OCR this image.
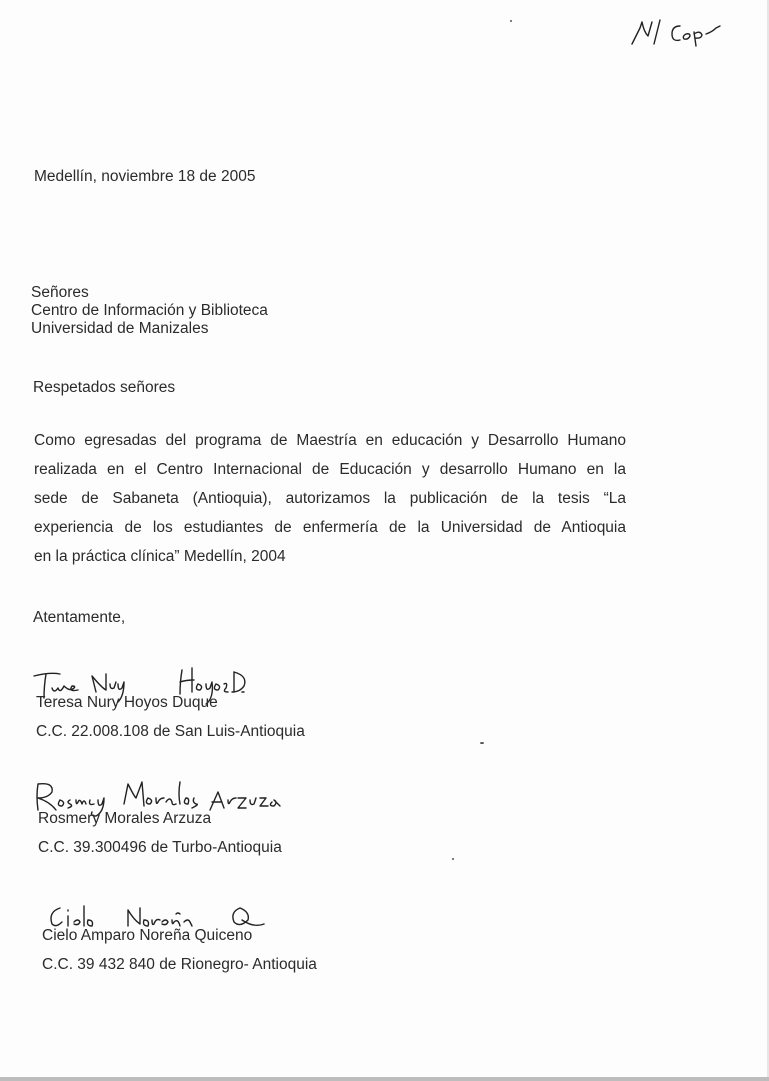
Medellín, noviembre 18 de 2005
Señores
Centro de Información y Biblioteca
Universidad de Manizales
Respetados señores
Como egresadas del programa de Maestría en educación y Desarrollo Humano
realizada en el Centro Internacional de Educación y desarrollo Humano en la
sede de Sabaneta (Antioquia), autorizamos la publicación de la tesis “La
experiencia de los estudiantes de enfermería de la Universidad de Antioquia
en la práctica clínica” Medellín, 2004
Atentamente,
Teresa Nury Hoyos Duque
C.C. 22.008.108 de San Luis-Antioquia
Rosmery Morales Arzuza
C.C. 39.300496 de Turbo-Antioquia
Cielo Amparo Noreña Quiceno
C.C. 39 432 840 de Rionegro- Antioquia
